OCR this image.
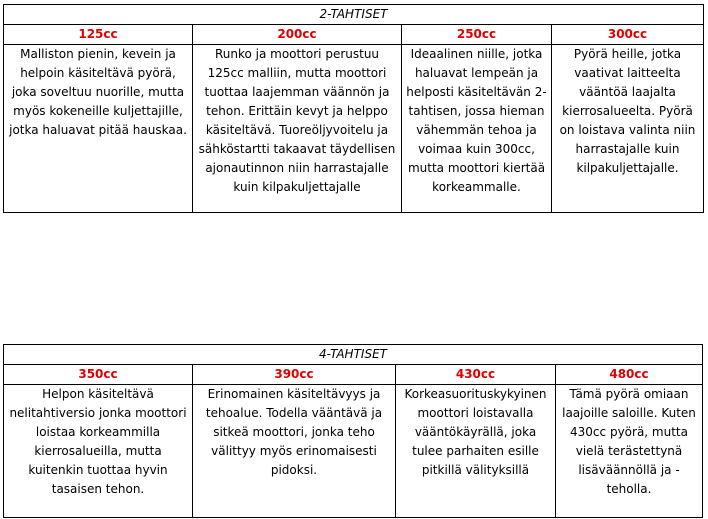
2-TAHTISET			
125cc	200cc	250cc	300cc
Malliston pienin, kevein ja helpoin käsiteltävä pyörä, joka soveltuu nuorille, mutta myös kokeneille kuljettajille, jotka haluavat pitää hauskaa.	Runko ja moottori perustuu 125cc malliin, mutta moottori tuottaa laajemman väännön ja tehon. Erittäin kevyt ja helppo käsiteltävä. Tuoreöljyvoitelu ja sähköstartti takaavat täydellisen ajonautinnon niin harrastajalle kuin kilpakuljettajalle	Ideaalinen niille, jotka haluavat lempeän ja helposti käsiteltävän 2-tahtisen, jossa hieman vähemmän tehoa ja voimaa kuin 300cc, mutta moottori kiertää korkeammalle.	Pyörä heille, jotka vaativat laitteelta vääntöä laajalta kierrosalueelta. Pyörä on loistava valinta niin harrastajalle kuin kilpakuljettajalle.
4-TAHTISET			
350cc	390cc	430cc	480cc
Helpon käsiteltävä nelitahtiversio jonka moottori loistaa korkeammilla kierrosalueilla, mutta kuitenkin tuottaa hyvin tasaisen tehon.	Erinomainen käsiteltävyys ja tehoalue. Todella vääntävä ja sitkeä moottori, jonka teho välittyy myös erinomaisesti pidoksi.	Korkeasuorituskykyinen moottori loistavalla vääntökäyrällä, joka tulee parhaiten esille pitkillä välityksillä	Tämä pyörä omiaan laajoille saloille. Kuten 430cc pyörä, mutta vielä terästettynä lisäväännöllä ja -teholla.
